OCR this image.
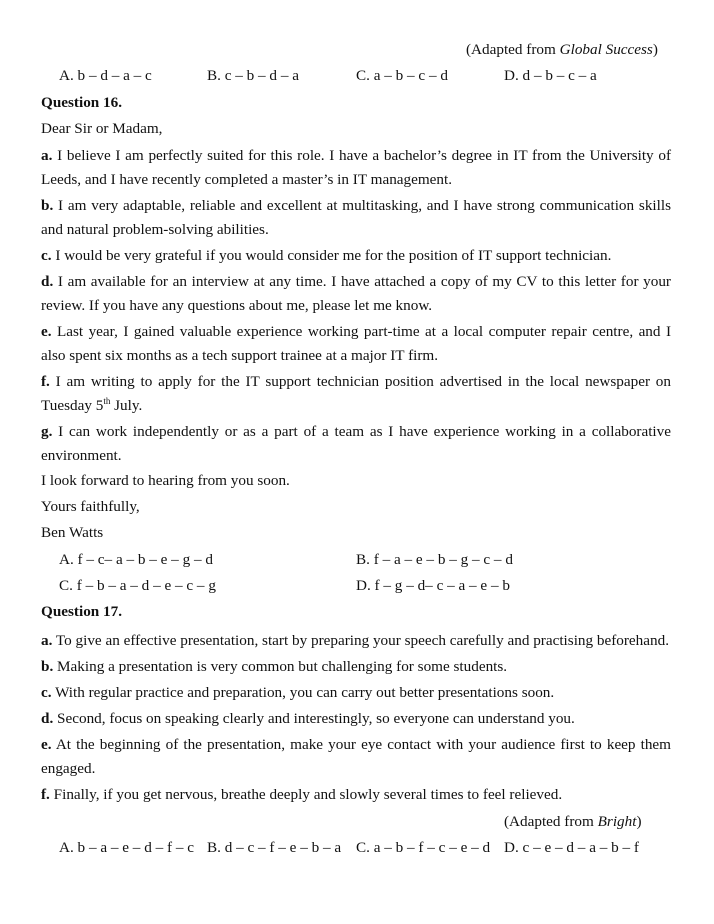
(Adapted from Global Success)
A. b – d – a – c	B. c – b – d – a	C. a – b – c – d	D. d – b – c – a
Question 16.
Dear Sir or Madam,
a. I believe I am perfectly suited for this role. I have a bachelor’s degree in IT from the University of Leeds, and I have recently completed a master’s in IT management.
b. I am very adaptable, reliable and excellent at multitasking, and I have strong communication skills and natural problem-solving abilities.
c. I would be very grateful if you would consider me for the position of IT support technician.
d. I am available for an interview at any time. I have attached a copy of my CV to this letter for your review. If you have any questions about me, please let me know.
e. Last year, I gained valuable experience working part-time at a local computer repair centre, and I also spent six months as a tech support trainee at a major IT firm.
f. I am writing to apply for the IT support technician position advertised in the local newspaper on Tuesday 5th July.
g. I can work independently or as a part of a team as I have experience working in a collaborative environment.
I look forward to hearing from you soon.
Yours faithfully,
Ben Watts
A. f – c– a – b – e – g – d	B. f – a – e – b – g – c – d
C. f – b – a – d – e – c – g	D. f – g – d– c – a – e – b
Question 17.
a. To give an effective presentation, start by preparing your speech carefully and practising beforehand.
b. Making a presentation is very common but challenging for some students.
c. With regular practice and preparation, you can carry out better presentations soon.
d. Second, focus on speaking clearly and interestingly, so everyone can understand you.
e. At the beginning of the presentation, make your eye contact with your audience first to keep them engaged.
f. Finally, if you get nervous, breathe deeply and slowly several times to feel relieved.
(Adapted from Bright)
A. b – a – e – d – f – c B. d – c – f – e – b – a C. a – b – f – c – e – d D. c – e – d – a – b – f
